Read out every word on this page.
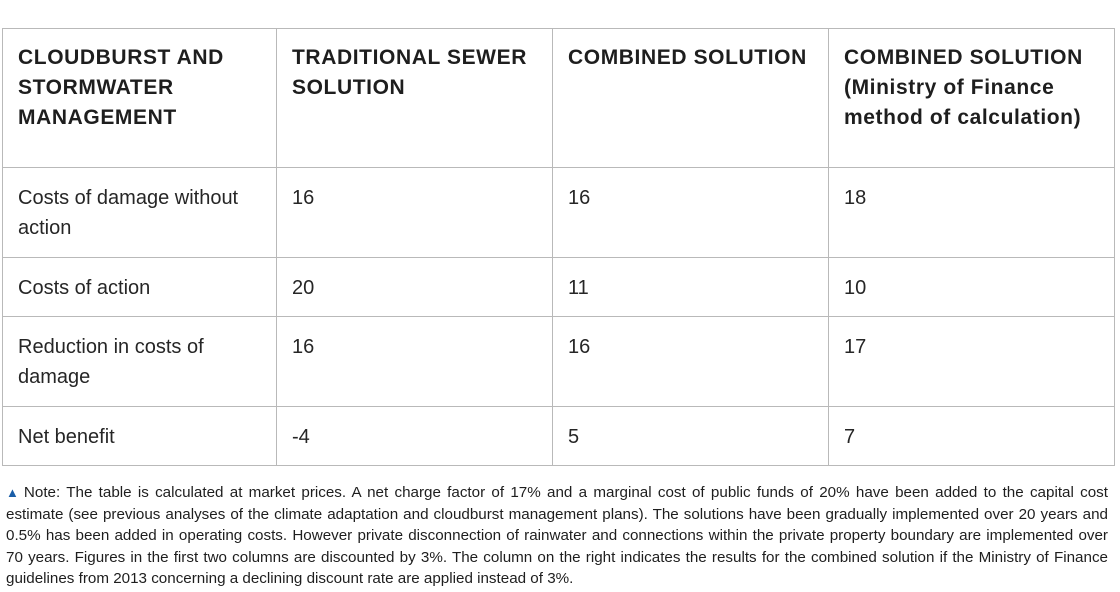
CLOUDBURST AND STORMWATER MANAGEMENT	TRADITIONAL SEWER SOLUTION	COMBINED SOLUTION	COMBINED SOLUTION (Ministry of Finance method of calculation)
Costs of damage without action	16	16	18
Costs of action	20	11	10
Reduction in costs of damage	16	16	17
Net benefit	-4	5	7
▲ Note: The table is calculated at market prices. A net charge factor of 17% and a marginal cost of public funds of 20% have been added to the capital cost estimate (see previous analyses of the climate adaptation and cloudburst management plans). The solutions have been gradually implemented over 20 years and 0.5% has been added in operating costs. However private disconnection of rainwater and connections within the private property boundary are implemented over 70 years. Figures in the first two columns are discounted by 3%. The column on the right indicates the results for the combined solution if the Ministry of Finance guidelines from 2013 concerning a declining discount rate are applied instead of 3%.
